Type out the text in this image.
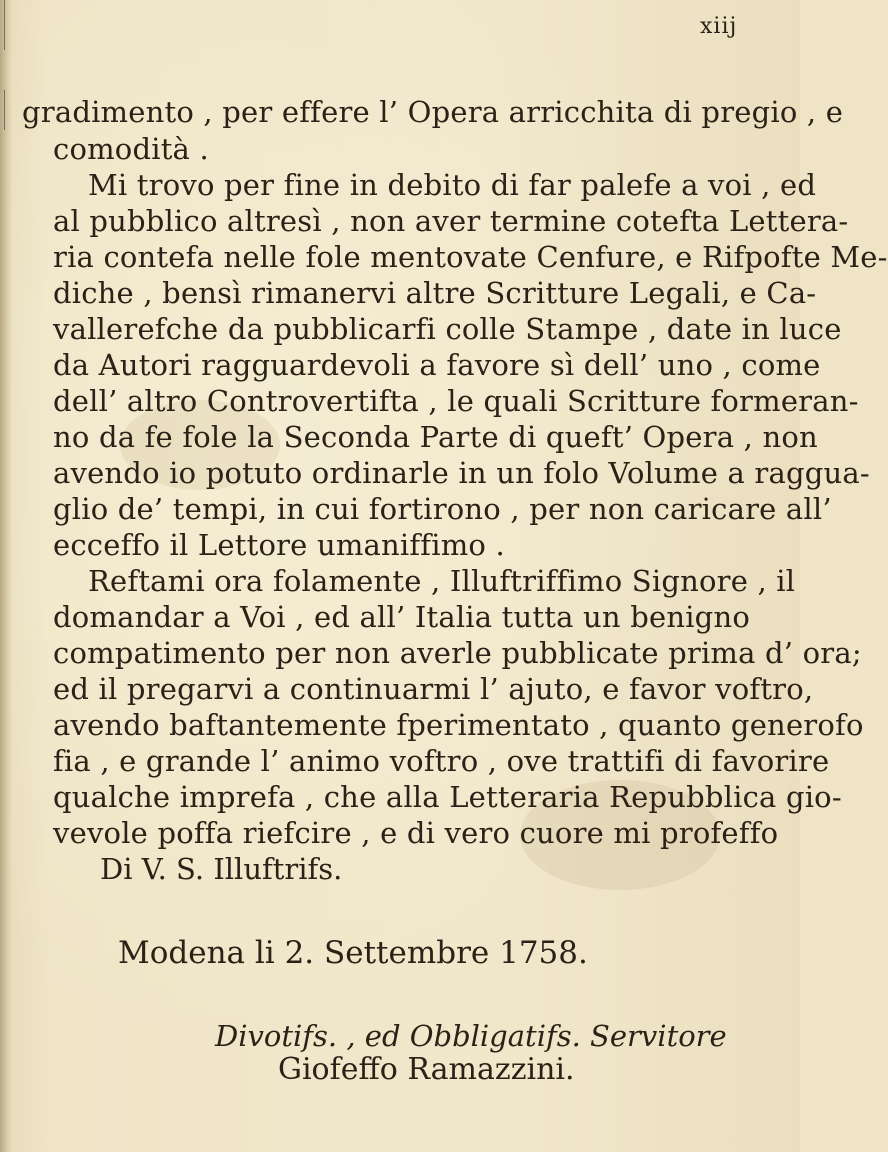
xiij
gradimento , per effere l’ Opera arricchita di pregio , e
comodità .
Mi trovo per fine in debito di far palefe a voi , ed
al pubblico altresì , non aver termine cotefta Lettera-
ria contefa nelle fole mentovate Cenfure, e Rifpofte Me-
diche , bensì rimanervi altre Scritture Legali, e Ca-
vallerefche da pubblicarfi colle Stampe , date in luce
da Autori ragguardevoli a favore sì dell’ uno , come
dell’ altro Controvertifta , le quali Scritture formeran-
no da fe fole la Seconda Parte di queft’ Opera , non
avendo io potuto ordinarle in un folo Volume a raggua-
glio de’ tempi, in cui fortirono , per non caricare all’
ecceffo il Lettore umaniffimo .
Reftami ora folamente , Illuftriffimo Signore , il
domandar a Voi , ed all’ Italia tutta un benigno
compatimento per non averle pubblicate prima d’ ora;
ed il pregarvi a continuarmi l’ ajuto, e favor voftro,
avendo baftantemente fperimentato , quanto generofo
fia , e grande l’ animo voftro , ove trattifi di favorire
qualche imprefa , che alla Letteraria Repubblica gio-
vevole poffa riefcire , e di vero cuore mi profeffo
Di V. S. Illuftrifs.
Modena li 2. Settembre 1758.
Divotifs. , ed Obbligatifs. Servitore
Giofeffo Ramazzini.
